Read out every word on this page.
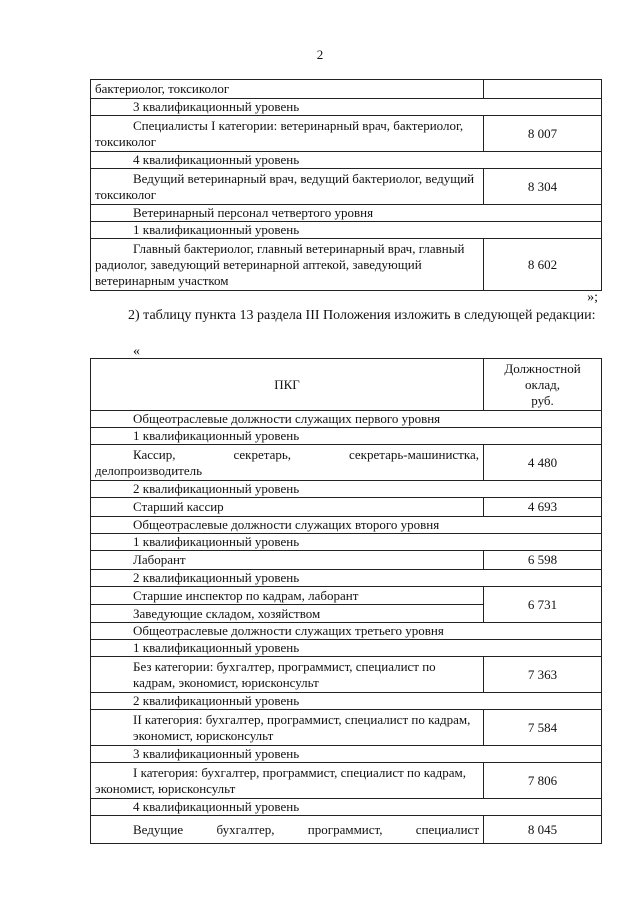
2
бактериолог, токсиколог	
3 квалификационный уровень	
Специалисты I категории: ветеринарный врач, бактериолог, токсиколог	8 007
4 квалификационный уровень	
Ведущий ветеринарный врач, ведущий бактериолог, ведущий токсиколог	8 304
Ветеринарный персонал четвертого уровня	
1 квалификационный уровень	
Главный бактериолог, главный ветеринарный врач, главный радиолог, заведующий ветеринарной аптекой, заведующий ветеринарным участком	8 602
»;
2) таблицу пункта 13 раздела III Положения изложить в следующей редакции:
«
ПКГ	Должностной
оклад,
руб.

Общеотраслевые должности служащих первого уровня	
1 квалификационный уровень	
Кассир, секретарь, секретарь-машинистка, делопроизводитель	4 480
2 квалификационный уровень	
Старший кассир	4 693
Общеотраслевые должности служащих второго уровня	
1 квалификационный уровень	
Лаборант	6 598
2 квалификационный уровень	
Старшие инспектор по кадрам, лаборант	6 731
Заведующие складом, хозяйством	
Общеотраслевые должности служащих третьего уровня	
1 квалификационный уровень	
Без категории: бухгалтер, программист, специалист по кадрам, экономист, юрисконсульт	7 363
2 квалификационный уровень	
II категория: бухгалтер, программист, специалист по кадрам, экономист, юрисконсульт	7 584
3 квалификационный уровень	
I категория: бухгалтер, программист, специалист по кадрам, экономист, юрисконсульт	7 806
4 квалификационный уровень	
Ведущие бухгалтер, программист, специалист	8 045
